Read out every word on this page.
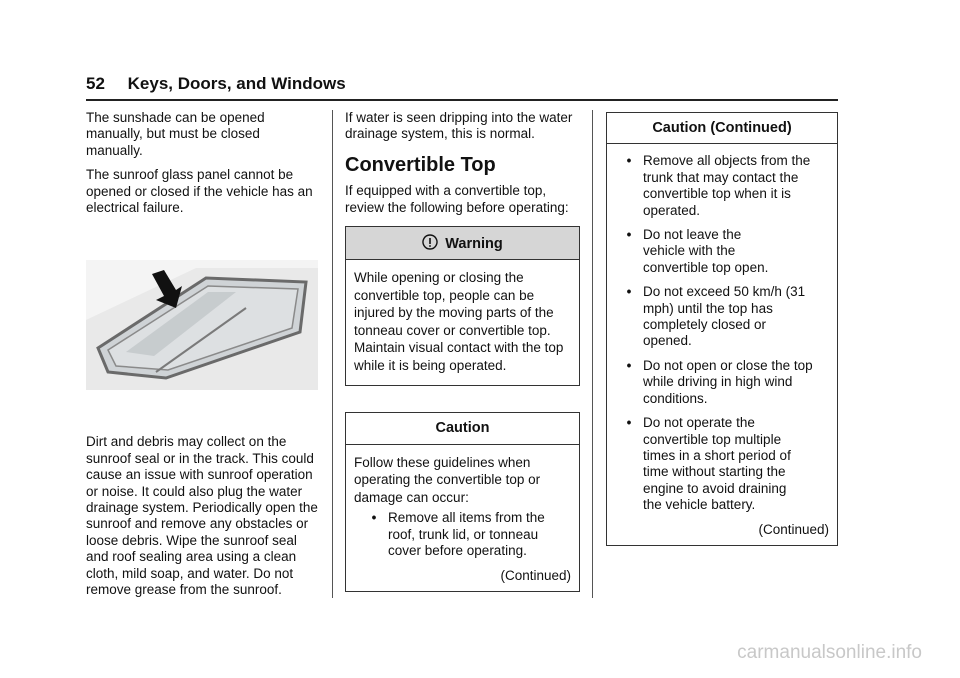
52 Keys, Doors, and Windows

The sunshade can be opened manually, but must be closed manually.

The sunroof glass panel cannot be opened or closed if the vehicle has an electrical failure.

Dirt and debris may collect on the sunroof seal or in the track. This could cause an issue with sunroof operation or noise. It could also plug the water drainage system. Periodically open the sunroof and remove any obstacles or loose debris. Wipe the sunroof seal and roof sealing area using a clean cloth, mild soap, and water. Do not remove grease from the sunroof.

If water is seen dripping into the water drainage system, this is normal.

Convertible Top

If equipped with a convertible top, review the following before operating:

Warning

While opening or closing the convertible top, people can be injured by the moving parts of the tonneau cover or convertible top. Maintain visual contact with the top while it is being operated.

Caution

Follow these guidelines when operating the convertible top or damage can occur:

• Remove all items from the roof, trunk lid, or tonneau cover before operating.
(Continued)
Caution (Continued)
• Remove all objects from the trunk that may contact the convertible top when it is operated.
• Do not leave the vehicle with the convertible top open.
• Do not exceed 50 km/h (31 mph) until the top has completely closed or opened.
• Do not open or close the top while driving in high wind conditions.
• Do not operate the convertible top multiple times in a short period of time without starting the engine to avoid draining the vehicle battery.
(Continued)
carmanualsonline.info
